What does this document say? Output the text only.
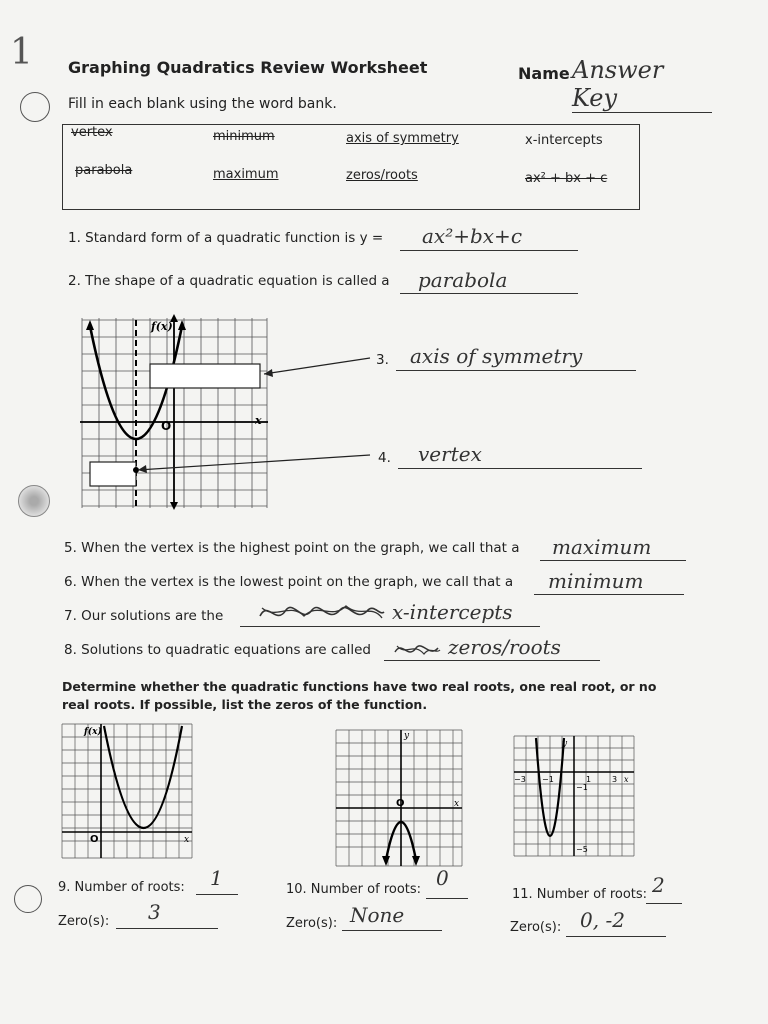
1 Graphing Quadratics Review Worksheet	Name Answer Key
Fill in each blank using the word bank.
vertex	minimum	axis of symmetry	x-intercepts
parabola	maximum	zeros/roots	ax² + bx + c
1. Standard form of a quadratic function is y = ax²+bx+c
2. The shape of a quadratic equation is called a parabola
f(x)
O	x
3. axis of symmetry
4. vertex
5. When the vertex is the highest point on the graph, we call that a maximum
6. When the vertex is the lowest point on the graph, we call that a minimum
7. Our solutions are the	x-intercepts
8. Solutions to quadratic equations are called	zeros/roots
Determine whether the quadratic functions have two real roots, one real root, or no real roots. If possible, list the zeros of the function.
f(x)
O	x
y
O	x
y
−3 −1	1	3 x
−1
−5
9. Number of roots: 1
Zero(s): 3
10. Number of roots: 0
Zero(s): None
11. Number of roots: 2
Zero(s): 0, -2
